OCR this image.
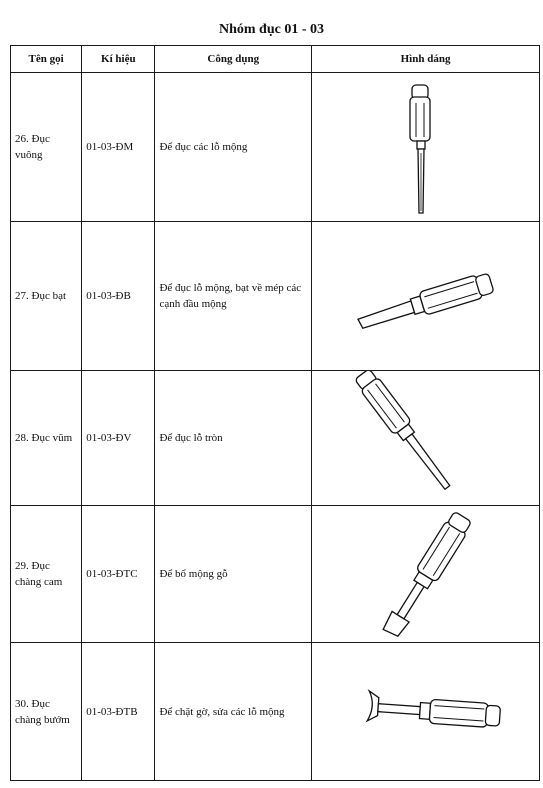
Nhóm đục 01 - 03
Tên gọi	Kí hiệu	Công dụng	Hình dáng
26. Đục vuông	01-03-ĐM	Để đục các lỗ mộng	

27. Đục bạt	01-03-ĐB	Để đục lỗ mộng, bạt về mép các cạnh đầu mộng	

28. Đục vũm	01-03-ĐV	Để đục lỗ tròn	

29. Đục chàng cam	01-03-ĐTC	Để bổ mộng gỗ	

30. Đục chàng bướm	01-03-ĐTB	Để chặt gờ, sửa các lỗ mộng	
